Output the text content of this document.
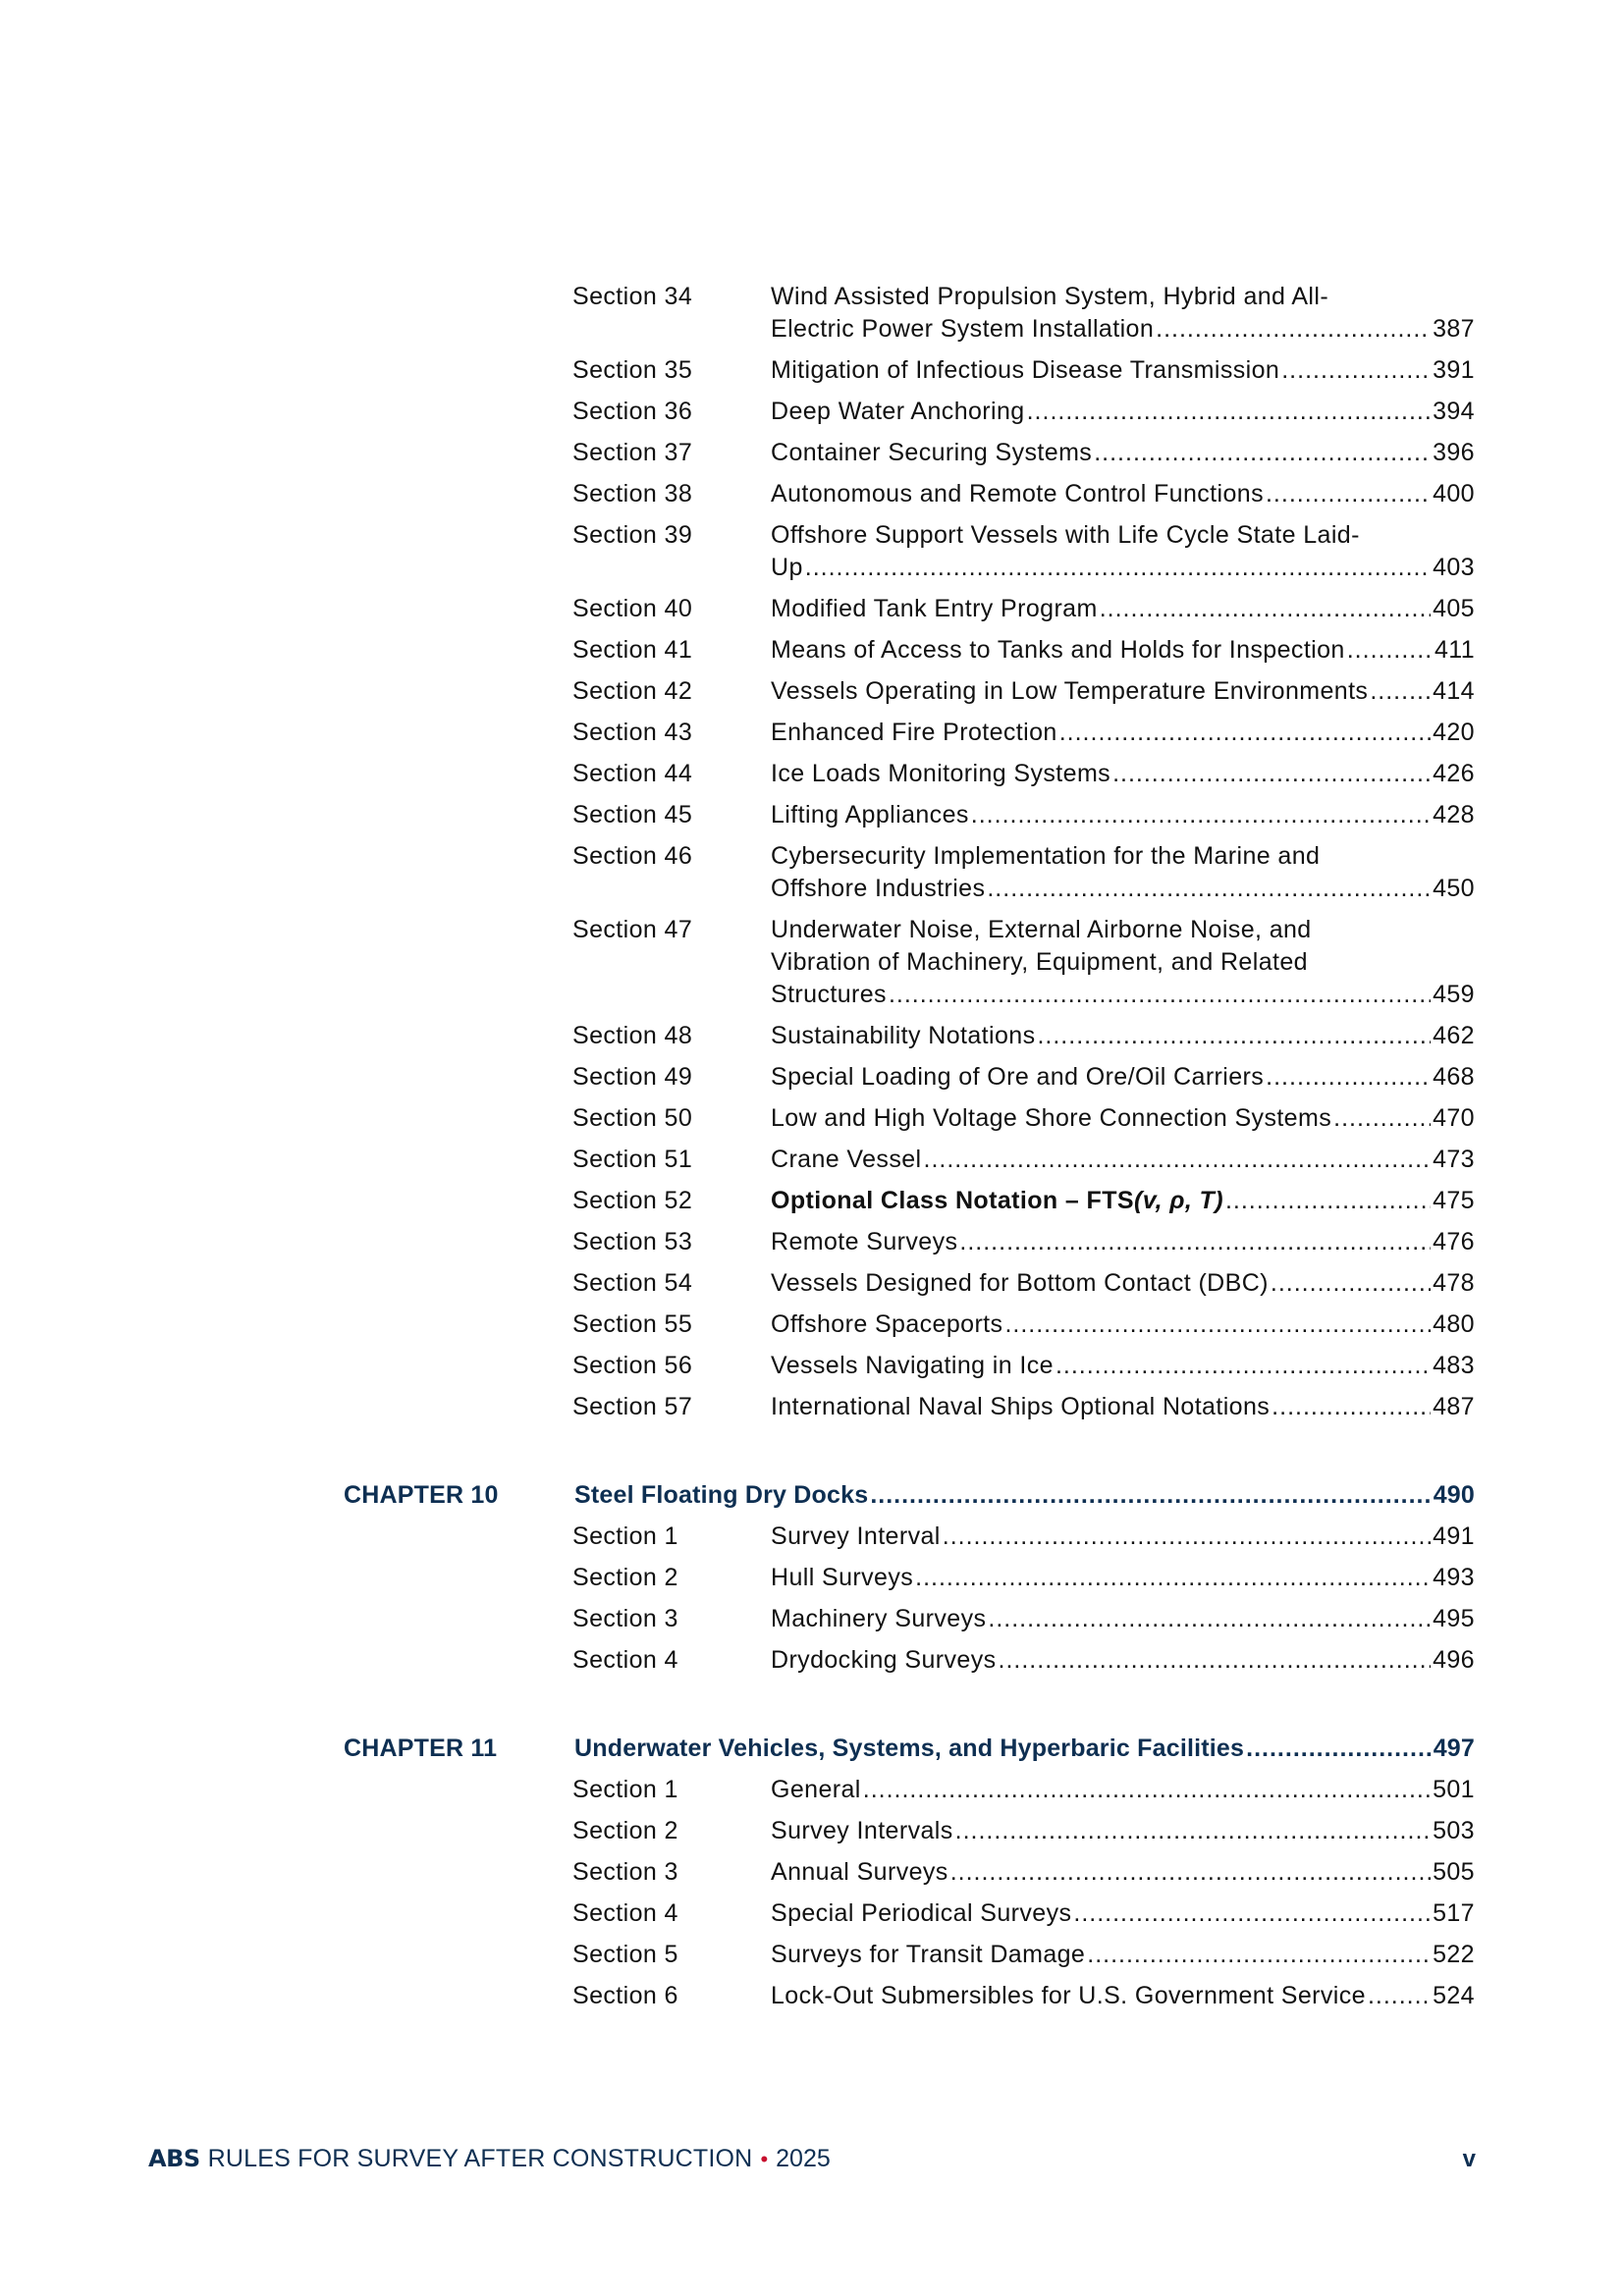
Section 34	Wind Assisted Propulsion System, Hybrid and All-
Electric Power System Installation .....	387
Section 35	Mitigation of Infectious Disease Transmission .....	391
Section 36	Deep Water Anchoring .....	394
Section 37	Container Securing Systems .....	396
Section 38	Autonomous and Remote Control Functions .....	400
Section 39	Offshore Support Vessels with Life Cycle State Laid-
Up .....	403
Section 40	Modified Tank Entry Program .....	405
Section 41	Means of Access to Tanks and Holds for Inspection .....	411
Section 42	Vessels Operating in Low Temperature Environments .....	414
Section 43	Enhanced Fire Protection .....	420
Section 44	Ice Loads Monitoring Systems .....	426
Section 45	Lifting Appliances .....	428
Section 46	Cybersecurity Implementation for the Marine and
Offshore Industries .....	450
Section 47	Underwater Noise, External Airborne Noise, and
Vibration of Machinery, Equipment, and Related
Structures .....	459
Section 48	Sustainability Notations .....	462
Section 49	Special Loading of Ore and Ore/Oil Carriers .....	468
Section 50	Low and High Voltage Shore Connection Systems .....	470
Section 51	Crane Vessel .....	473
Section 52	Optional Class Notation – FTS(v, ρ, T) .....	475
Section 53	Remote Surveys .....	476
Section 54	Vessels Designed for Bottom Contact (DBC) .....	478
Section 55	Offshore Spaceports .....	480
Section 56	Vessels Navigating in Ice .....	483
Section 57	International Naval Ships Optional Notations .....	487
CHAPTER 10	Steel Floating Dry Docks .....	490
Section 1	Survey Interval .....	491
Section 2	Hull Surveys .....	493
Section 3	Machinery Surveys .....	495
Section 4	Drydocking Surveys .....	496
CHAPTER 11	Underwater Vehicles, Systems, and Hyperbaric Facilities .....	497
Section 1	General .....	501
Section 2	Survey Intervals .....	503
Section 3	Annual Surveys .....	505
Section 4	Special Periodical Surveys .....	517
Section 5	Surveys for Transit Damage .....	522
Section 6	Lock-Out Submersibles for U.S. Government Service .....	524
ABS RULES FOR SURVEY AFTER CONSTRUCTION • 2025	v
